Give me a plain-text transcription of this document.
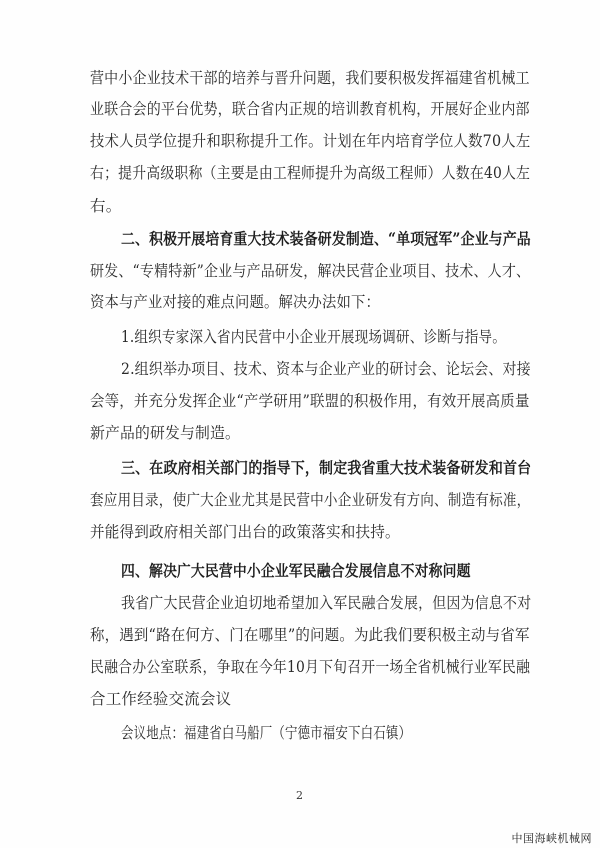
营中小企业技术干部的培养与晋升问题，我们要积极发挥福建省机械工
业联合会的平台优势，联合省内正规的培训教育机构，开展好企业内部
技术人员学位提升和职称提升工作。计划在年内培育学位人数70人左
右；提升高级职称（主要是由工程师提升为高级工程师）人数在40人左
右。
二、积极开展培育重大技术装备研发制造、“单项冠军”企业与产品
研发、“专精特新”企业与产品研发，解决民营企业项目、技术、人才、
资本与产业对接的难点问题。解决办法如下：
1.组织专家深入省内民营中小企业开展现场调研、诊断与指导。
2.组织举办项目、技术、资本与企业产业的研讨会、论坛会、对接
会等，并充分发挥企业“产学研用”联盟的积极作用，有效开展高质量
新产品的研发与制造。
三、在政府相关部门的指导下，制定我省重大技术装备研发和首台
套应用目录，使广大企业尤其是民营中小企业研发有方向、制造有标准，
并能得到政府相关部门出台的政策落实和扶持。
四、解决广大民营中小企业军民融合发展信息不对称问题
我省广大民营企业迫切地希望加入军民融合发展，但因为信息不对
称，遇到“路在何方、门在哪里”的问题。为此我们要积极主动与省军
民融合办公室联系，争取在今年10月下旬召开一场全省机械行业军民融
合工作经验交流会议
会议地点：福建省白马船厂（宁德市福安下白石镇）
2
中国海峡机械网
